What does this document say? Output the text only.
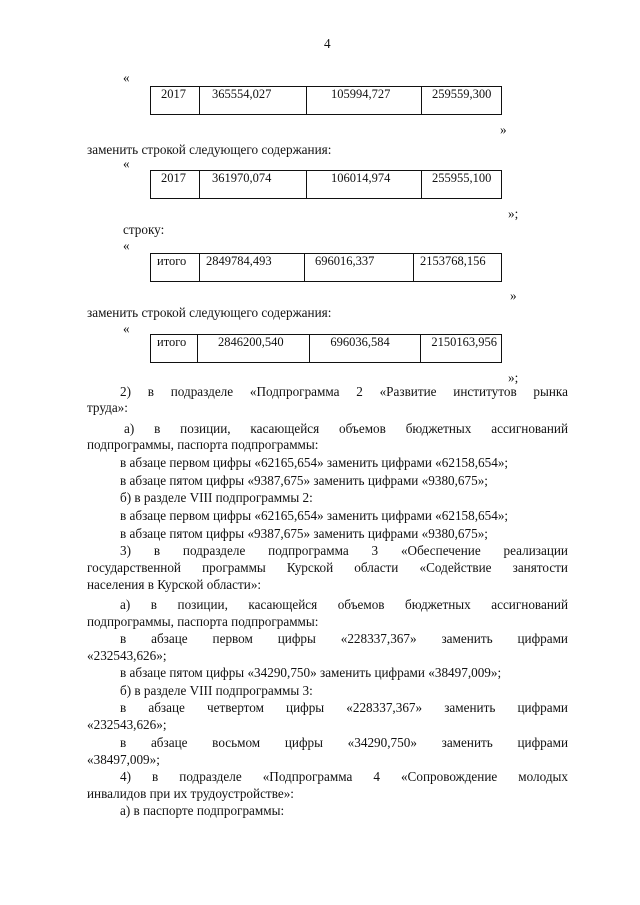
4
«
2017	365554,027	105994,727	259559,300
»
заменить строкой следующего содержания:
«
2017	361970,074	106014,974	255955,100
»;
строку:
«
итого	2849784,493	696016,337	2153768,156
»
заменить строкой следующего содержания:
«
итого	2846200,540	696036,584	2150163,956
»;
2) в подразделе «Подпрограмма 2 «Развитие институтов рынка
труда»:
а) в позиции, касающейся объемов бюджетных ассигнований
подпрограммы, паспорта подпрограммы:
в абзаце первом цифры «62165,654» заменить цифрами «62158,654»;
в абзаце пятом цифры «9387,675» заменить цифрами «9380,675»;
б) в разделе VIII подпрограммы 2:
в абзаце первом цифры «62165,654» заменить цифрами «62158,654»;
в абзаце пятом цифры «9387,675» заменить цифрами «9380,675»;
3) в подразделе подпрограмма 3 «Обеспечение реализации
государственной программы Курской области «Содействие занятости
населения в Курской области»:
а) в позиции, касающейся объемов бюджетных ассигнований
подпрограммы, паспорта подпрограммы:
в абзаце первом цифры «228337,367» заменить цифрами
«232543,626»;
в абзаце пятом цифры «34290,750» заменить цифрами «38497,009»;
б) в разделе VIII подпрограммы 3:
в абзаце четвертом цифры «228337,367» заменить цифрами
«232543,626»;
в абзаце восьмом цифры «34290,750» заменить цифрами
«38497,009»;
4) в подразделе «Подпрограмма 4 «Сопровождение молодых
инвалидов при их трудоустройстве»:
а) в паспорте подпрограммы:
